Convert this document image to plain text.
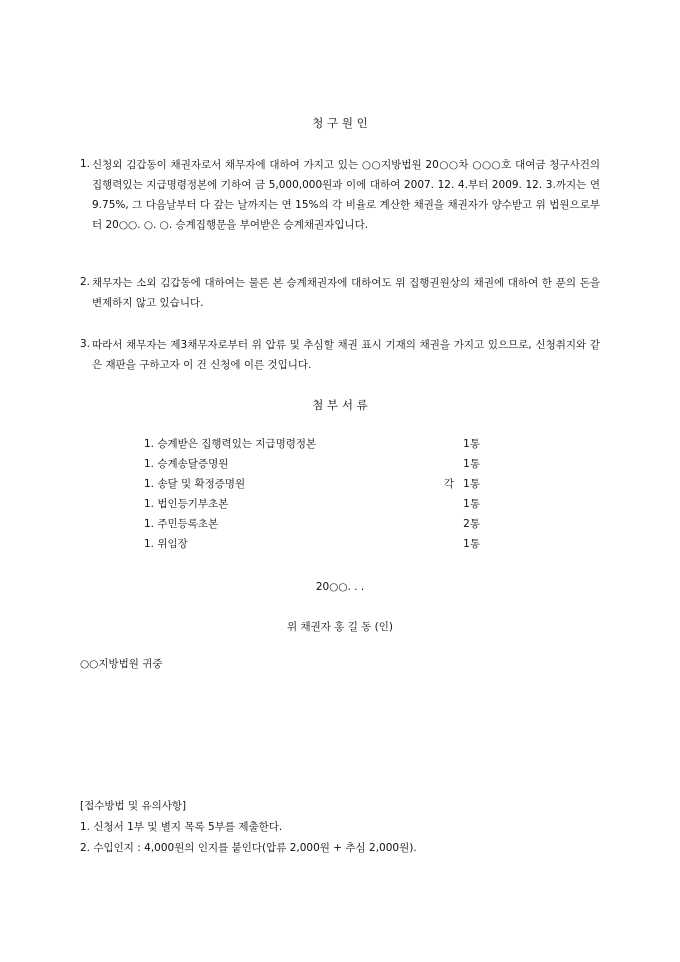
청 구 원 인
1. 신청외 김갑동이 채권자로서 채무자에 대하여 가지고 있는 ○○지방법원 20○○차 ○○○호 대여금 청구사건의 집행력있는 지급명령정본에 기하여 금 5,000,000원과 이에 대하여 2007. 12. 4.부터 2009. 12. 3.까지는 연 9.75%, 그 다음날부터 다 갚는 날까지는 연 15%의 각 비율로 계산한 채권을 채권자가 양수받고 위 법원으로부터 20○○. ○. ○. 승계집행문을 부여받은 승계채권자입니다.
2. 채무자는 소외 김갑동에 대하여는 물론 본 승계채권자에 대하여도 위 집행권원상의 채권에 대하여 한 푼의 돈을 변제하지 않고 있습니다.
3. 따라서 채무자는 제3채무자로부터 위 압류 및 추심할 채권 표시 기재의 채권을 가지고 있으므로, 신청취지와 같은 재판을 구하고자 이 건 신청에 이른 것입니다.
첨 부 서 류
1. 승계받은 집행력있는 지급명령정본	1통
1. 승계송달증명원	1통
1. 송달 및 확정증명원	각 1통
1. 법인등기부초본	1통
1. 주민등록초본	2통
1. 위임장	1통
20○○. . .
위 채권자 홍 길 동 (인)
○○지방법원 귀중
[접수방법 및 유의사항]
1. 신청서 1부 및 별지 목록 5부를 제출한다.
2. 수입인지 : 4,000원의 인지를 붙인다(압류 2,000원 + 추심 2,000원).
